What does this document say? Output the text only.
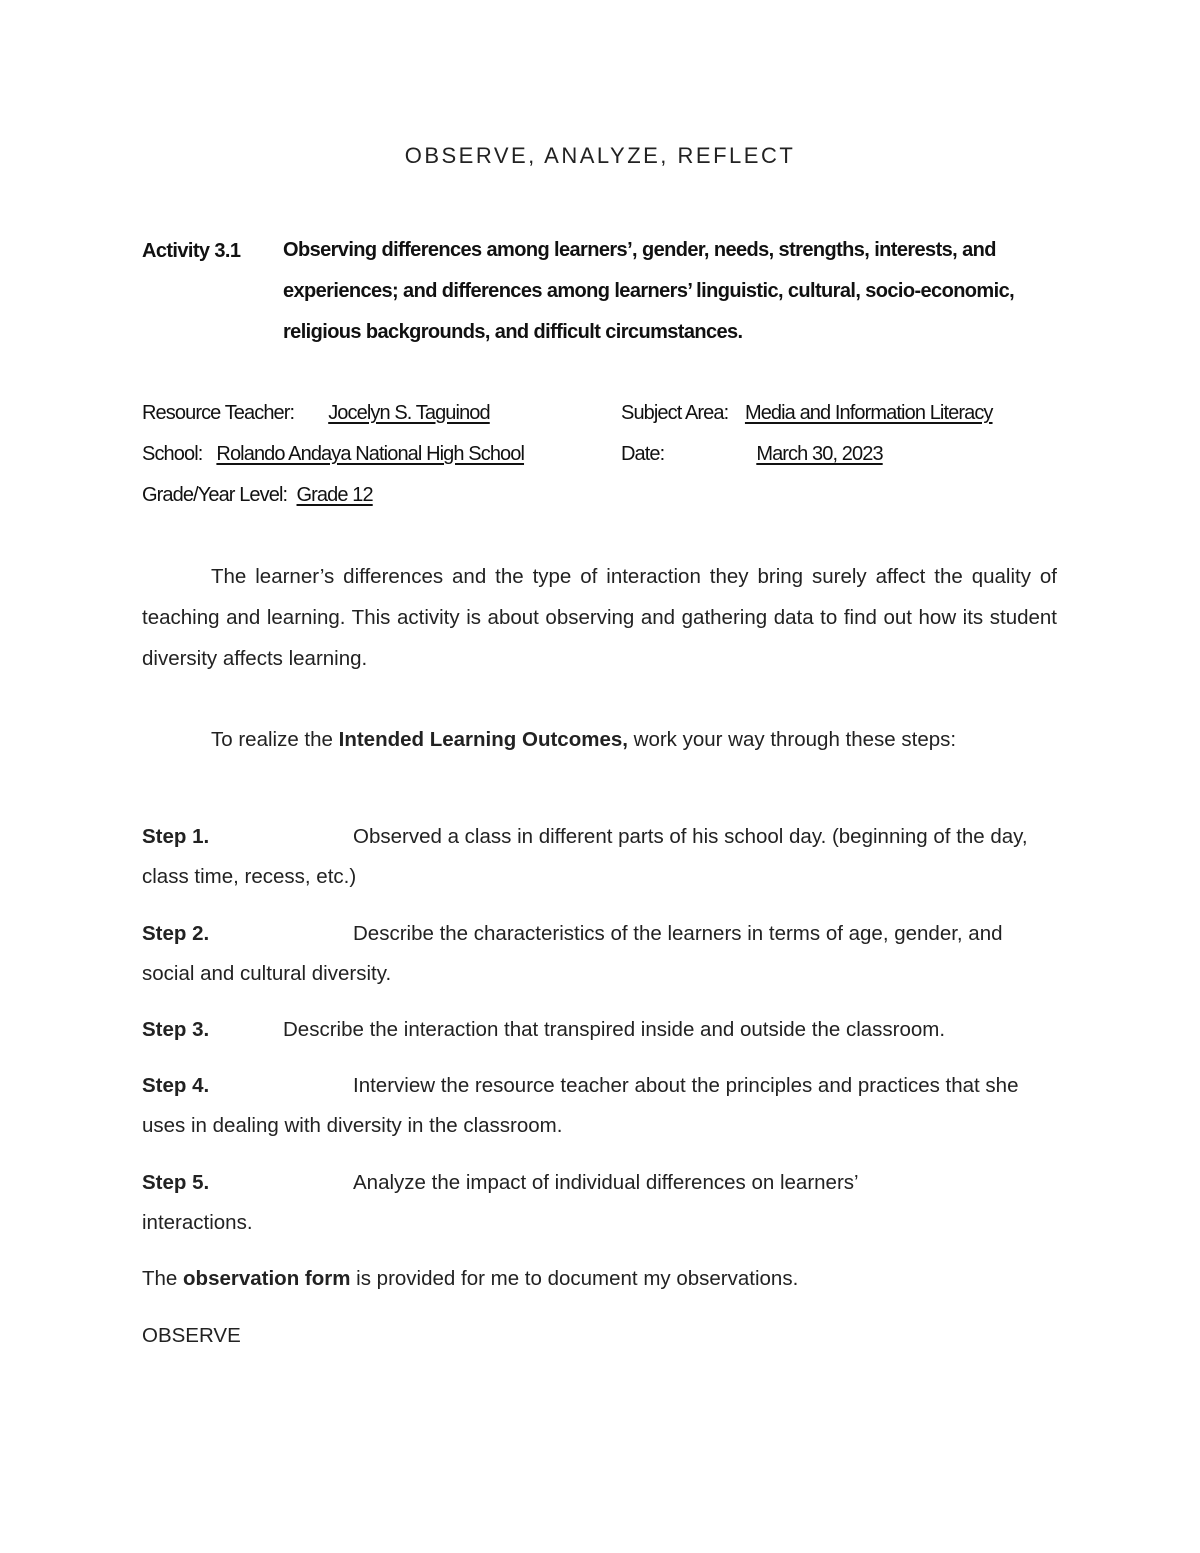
OBSERVE, ANALYZE, REFLECT
Activity 3.1 Observing differences among learners’, gender, needs, strengths, interests, and experiences; and differences among learners’ linguistic, cultural, socio-economic, religious backgrounds, and difficult circumstances.
Resource Teacher: Jocelyn S. Taguinod	Subject Area: Media and Information Literacy
School: Rolando Andaya National High School	Date:	March 30, 2023
Grade/Year Level: Grade 12
The learner’s differences and the type of interaction they bring surely affect the quality of teaching and learning. This activity is about observing and gathering data to find out how its student diversity affects learning.
To realize the Intended Learning Outcomes, work your way through these steps:
Step 1.	Observed a class in different parts of his school day. (beginning of the day, class time, recess, etc.)
Step 2.	Describe the characteristics of the learners in terms of age, gender, and social and cultural diversity.
Step 3.	Describe the interaction that transpired inside and outside the classroom.
Step 4.	Interview the resource teacher about the principles and practices that she uses in dealing with diversity in the classroom.
Step 5.	Analyze the impact of individual differences on learners’ interactions.
The observation form is provided for me to document my observations.
OBSERVE
